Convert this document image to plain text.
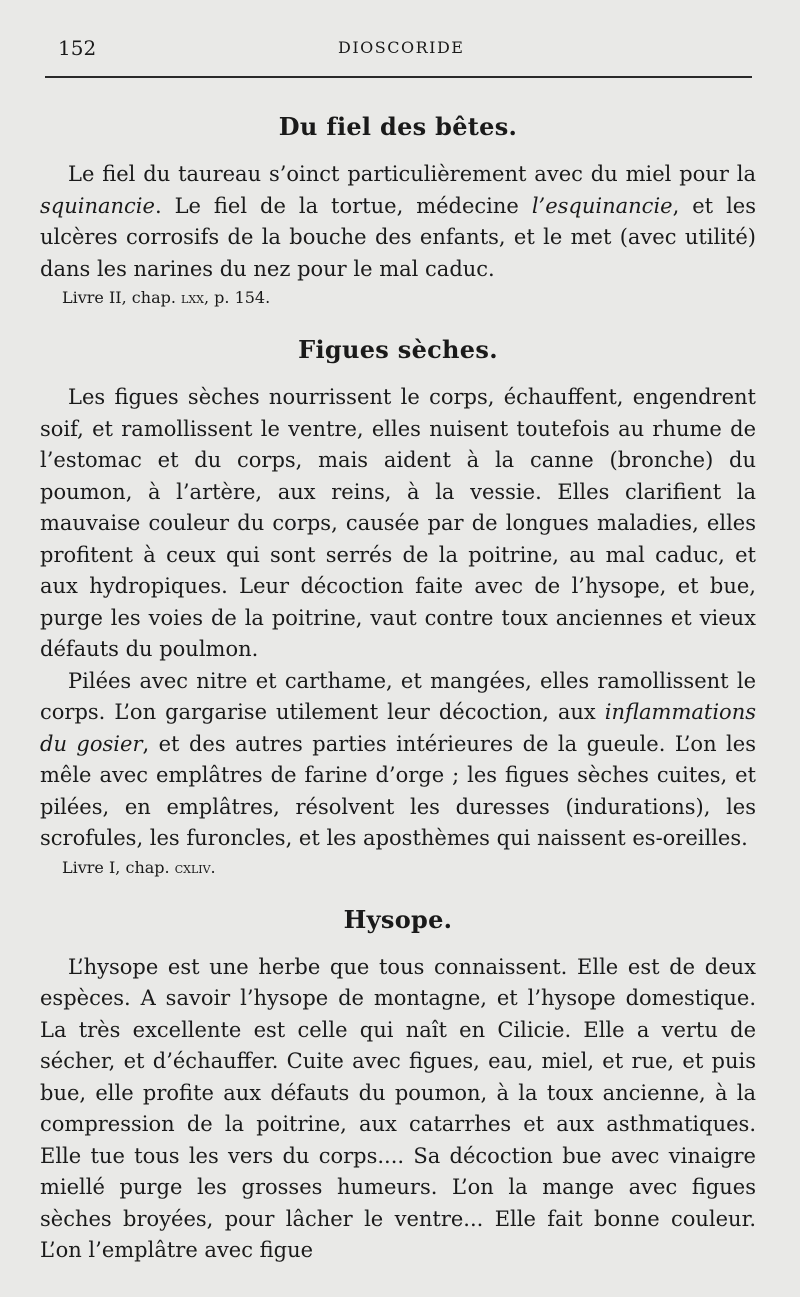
152	DIOSCORIDE
Du fiel des bêtes.

Le fiel du taureau s’oinct particulièrement avec du miel pour la squinancie. Le fiel de la tortue, médecine l’esquinancie, et les ulcères corrosifs de la bouche des enfants, et le met (avec utilité) dans les narines du nez pour le mal caduc.

Livre II, chap. lxx, p. 154.
Figues sèches.

Les figues sèches nourrissent le corps, échauffent, engendrent soif, et ramollissent le ventre, elles nuisent toutefois au rhume de l’estomac et du corps, mais aident à la canne (bronche) du poumon, à l’artère, aux reins, à la vessie. Elles clarifient la mauvaise couleur du corps, causée par de longues maladies, elles profitent à ceux qui sont serrés de la poitrine, au mal caduc, et aux hydropiques. Leur décoction faite avec de l’hysope, et bue, purge les voies de la poitrine, vaut contre toux anciennes et vieux défauts du poulmon.

Pilées avec nitre et carthame, et mangées, elles ramollissent le corps. L’on gargarise utilement leur décoction, aux inflammations du gosier, et des autres parties intérieures de la gueule. L’on les mêle avec emplâtres de farine d’orge ; les figues sèches cuites, et pilées, en emplâtres, résolvent les duresses (indurations), les scrofules, les furoncles, et les aposthèmes qui naissent es-oreilles.

Livre I, chap. cxliv.
Hysope.

L’hysope est une herbe que tous connaissent. Elle est de deux espèces. A savoir l’hysope de montagne, et l’hysope domestique. La très excellente est celle qui naît en Cilicie. Elle a vertu de sécher, et d’échauffer. Cuite avec figues, eau, miel, et rue, et puis bue, elle profite aux défauts du poumon, à la toux ancienne, à la compression de la poitrine, aux catarrhes et aux asthmatiques. Elle tue tous les vers du corps.... Sa décoction bue avec vinaigre miellé purge les grosses humeurs. L’on la mange avec figues sèches broyées, pour lâcher le ventre... Elle fait bonne couleur. L’on l’emplâtre avec figue
